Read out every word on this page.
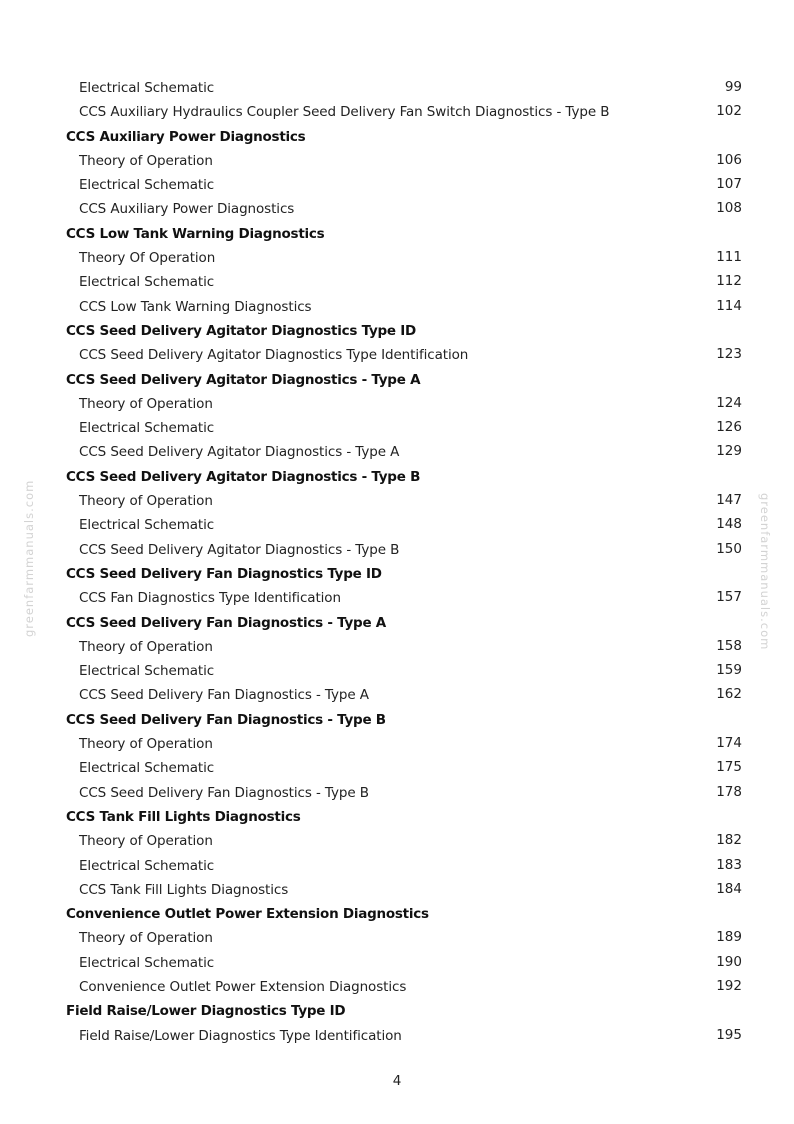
greenfarmmanuals.com	greenfarmmanuals.com
Electrical Schematic	99
CCS Auxiliary Hydraulics Coupler Seed Delivery Fan Switch Diagnostics - Type B	102
CCS Auxiliary Power Diagnostics
Theory of Operation	106
Electrical Schematic	107
CCS Auxiliary Power Diagnostics	108
CCS Low Tank Warning Diagnostics
Theory Of Operation	111
Electrical Schematic	112
CCS Low Tank Warning Diagnostics	114
CCS Seed Delivery Agitator Diagnostics Type ID
CCS Seed Delivery Agitator Diagnostics Type Identification	123
CCS Seed Delivery Agitator Diagnostics - Type A
Theory of Operation	124
Electrical Schematic	126
CCS Seed Delivery Agitator Diagnostics - Type A	129
CCS Seed Delivery Agitator Diagnostics - Type B
Theory of Operation	147
Electrical Schematic	148
CCS Seed Delivery Agitator Diagnostics - Type B	150
CCS Seed Delivery Fan Diagnostics Type ID
CCS Fan Diagnostics Type Identification	157
CCS Seed Delivery Fan Diagnostics - Type A
Theory of Operation	158
Electrical Schematic	159
CCS Seed Delivery Fan Diagnostics - Type A	162
CCS Seed Delivery Fan Diagnostics - Type B
Theory of Operation	174
Electrical Schematic	175
CCS Seed Delivery Fan Diagnostics - Type B	178
CCS Tank Fill Lights Diagnostics
Theory of Operation	182
Electrical Schematic	183
CCS Tank Fill Lights Diagnostics	184
Convenience Outlet Power Extension Diagnostics
Theory of Operation	189
Electrical Schematic	190
Convenience Outlet Power Extension Diagnostics	192
Field Raise/Lower Diagnostics Type ID
Field Raise/Lower Diagnostics Type Identification	195
4
